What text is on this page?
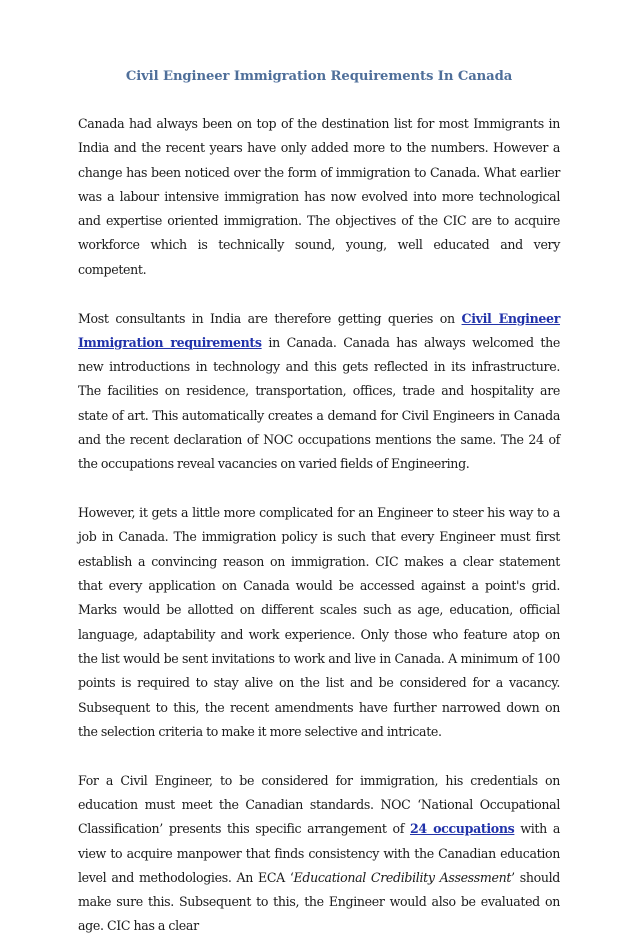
Civil Engineer Immigration Requirements In Canada

Canada had always been on top of the destination list for most Immigrants in India and the recent years have only added more to the numbers. However a change has been noticed over the form of immigration to Canada. What earlier was a labour intensive immigration has now evolved into more technological and expertise oriented immigration. The objectives of the CIC are to acquire workforce which is technically sound, young, well educated and very competent.

Most consultants in India are therefore getting queries on Civil Engineer Immigration requirements in Canada. Canada has always welcomed the new introductions in technology and this gets reflected in its infrastructure. The facilities on residence, transportation, offices, trade and hospitality are state of art. This automatically creates a demand for Civil Engineers in Canada and the recent declaration of NOC occupations mentions the same. The 24 of the occupations reveal vacancies on varied fields of Engineering.

However, it gets a little more complicated for an Engineer to steer his way to a job in Canada. The immigration policy is such that every Engineer must first establish a convincing reason on immigration. CIC makes a clear statement that every application on Canada would be accessed against a point's grid. Marks would be allotted on different scales such as age, education, official language, adaptability and work experience. Only those who feature atop on the list would be sent invitations to work and live in Canada. A minimum of 100 points is required to stay alive on the list and be considered for a vacancy. Subsequent to this, the recent amendments have further narrowed down on the selection criteria to make it more selective and intricate.

For a Civil Engineer, to be considered for immigration, his credentials on education must meet the Canadian standards. NOC ‘National Occupational Classification’ presents this specific arrangement of 24 occupations with a view to acquire manpower that finds consistency with the Canadian education level and methodologies. An ECA ‘Educational Credibility Assessment’ should make sure this. Subsequent to this, the Engineer would also be evaluated on age. CIC has a clear
